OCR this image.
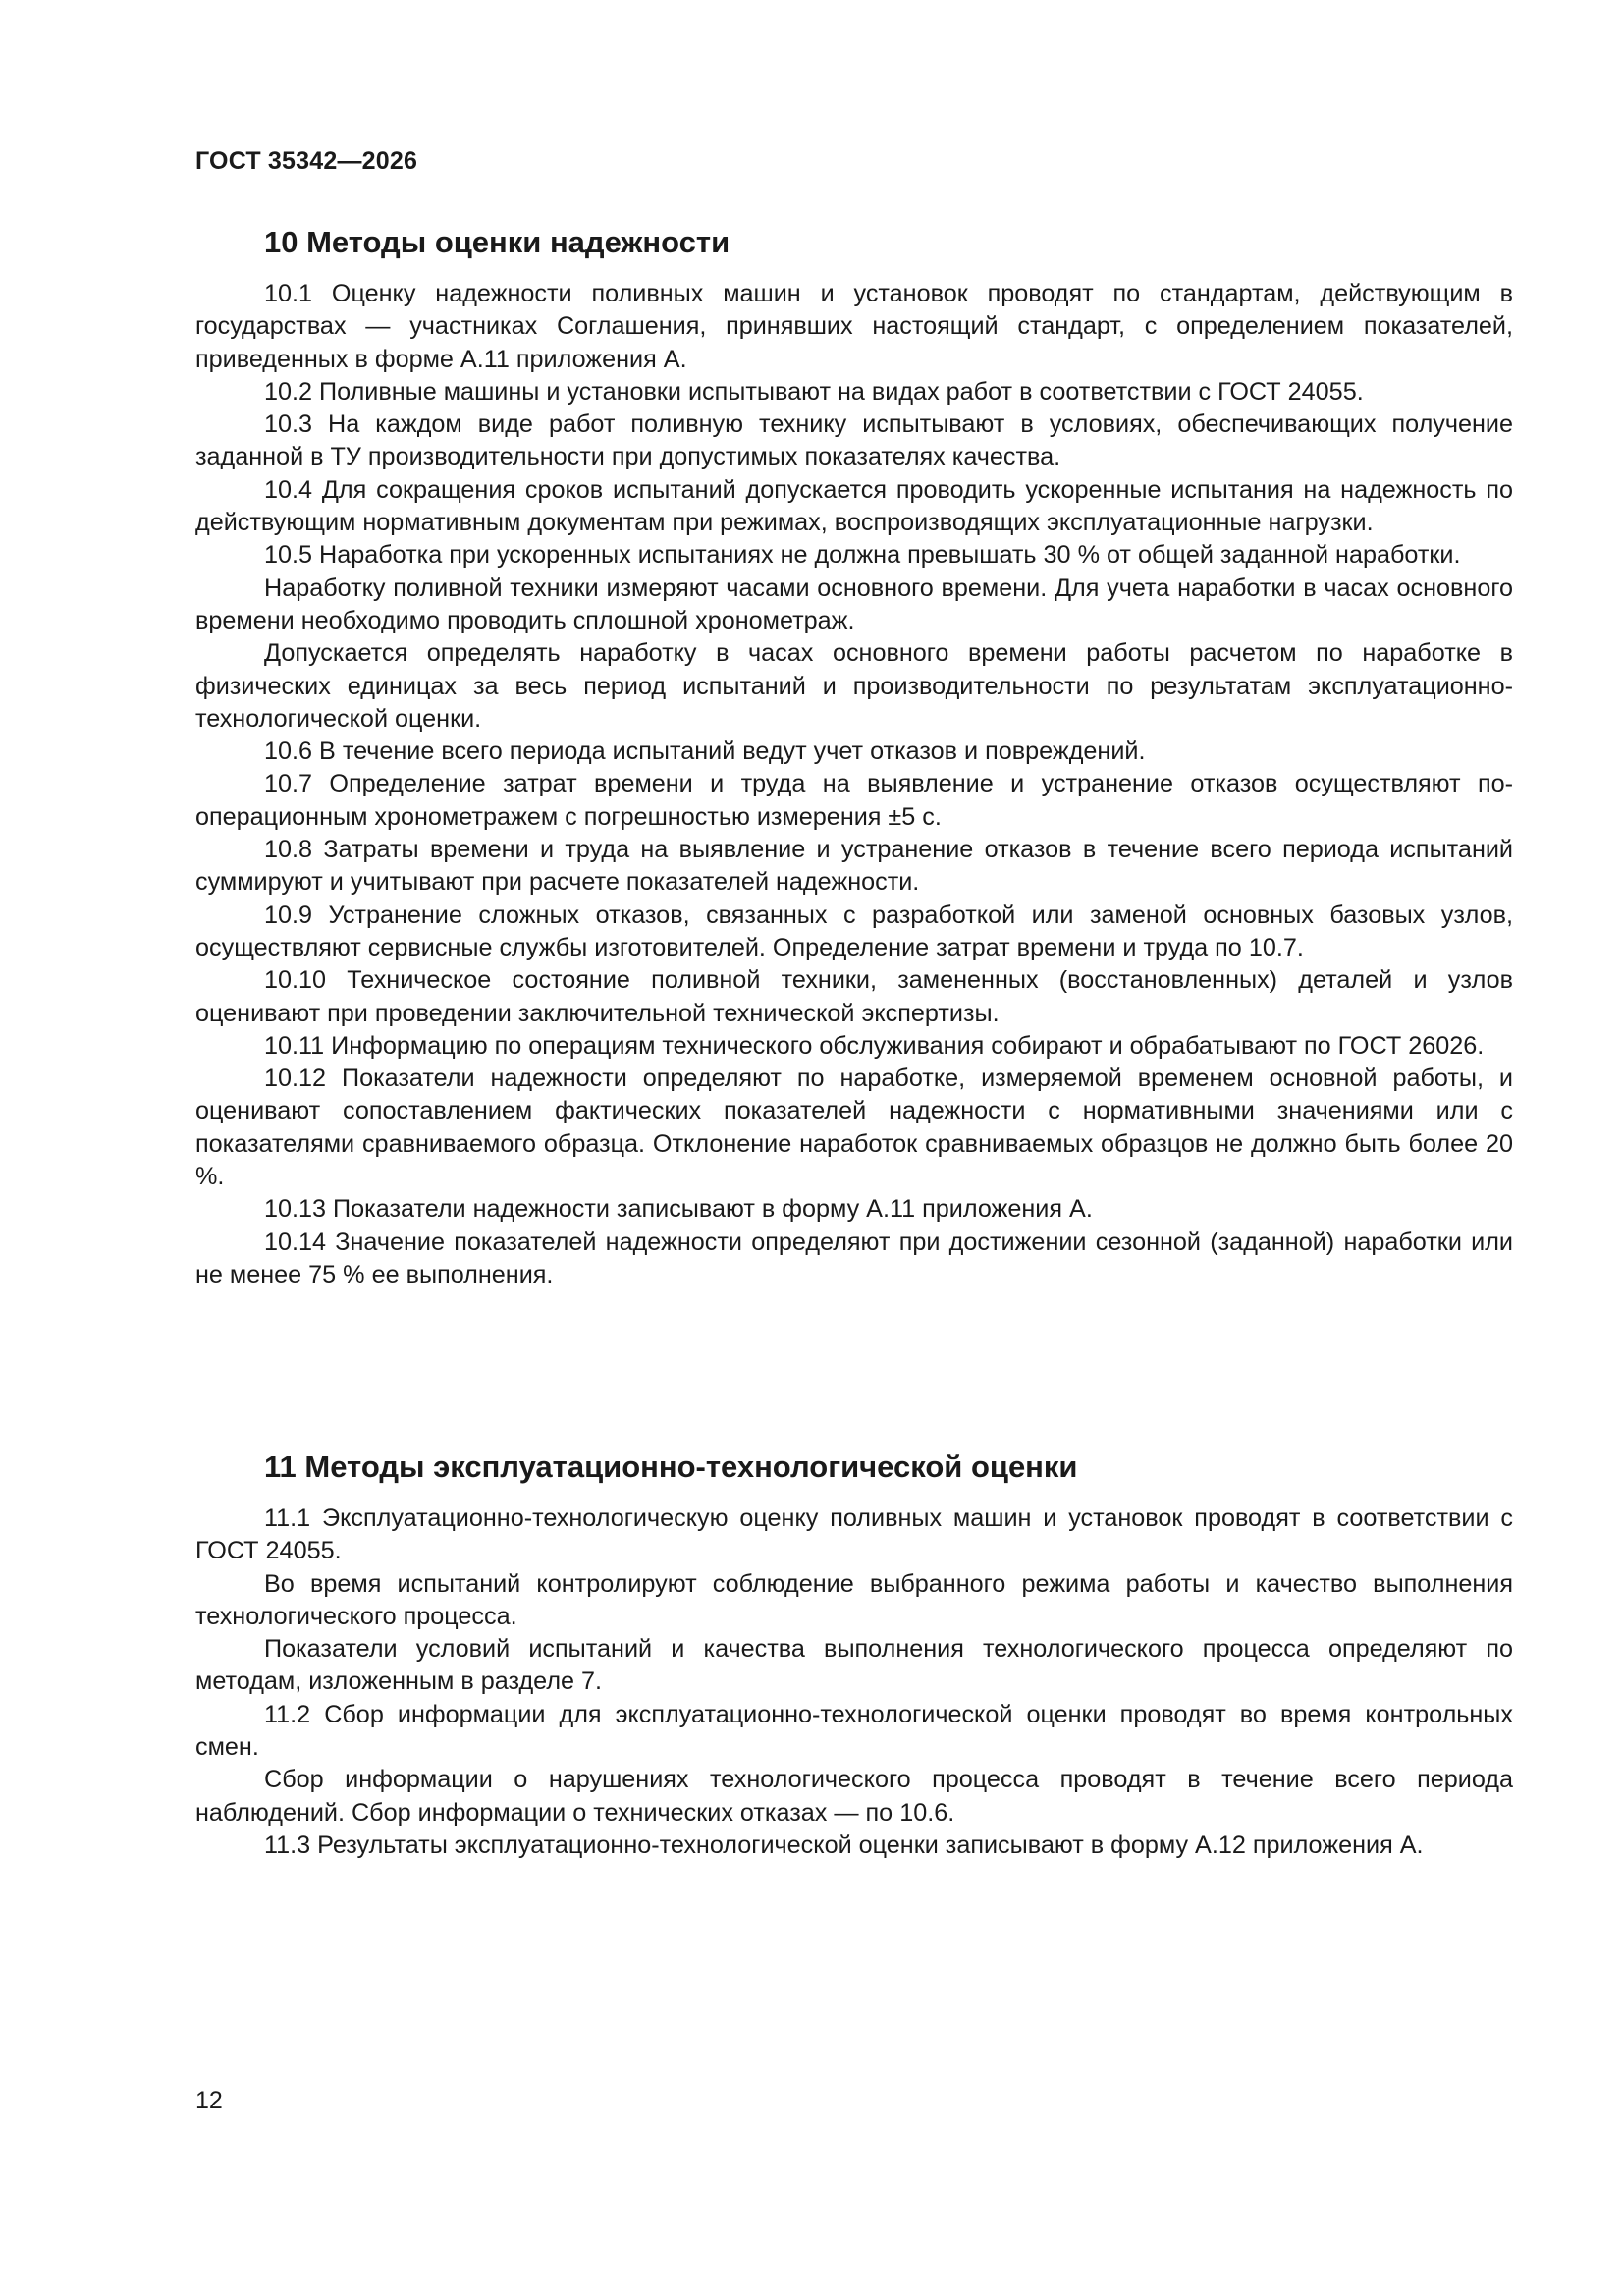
ГОСТ 35342—2026
10 Методы оценки надежности

10.1 Оценку надежности поливных машин и установок проводят по стандартам, действующим в государствах — участниках Соглашения, принявших настоящий стандарт, с определением показателей, приведенных в форме А.11 приложения А.

10.2 Поливные машины и установки испытывают на видах работ в соответствии с ГОСТ 24055.

10.3 На каждом виде работ поливную технику испытывают в условиях, обеспечивающих получение заданной в ТУ производительности при допустимых показателях качества.

10.4 Для сокращения сроков испытаний допускается проводить ускоренные испытания на надежность по действующим нормативным документам при режимах, воспроизводящих эксплуатационные нагрузки.

10.5 Наработка при ускоренных испытаниях не должна превышать 30 % от общей заданной наработки.

Наработку поливной техники измеряют часами основного времени. Для учета наработки в часах основного времени необходимо проводить сплошной хронометраж.

Допускается определять наработку в часах основного времени работы расчетом по наработке в физических единицах за весь период испытаний и производительности по результатам эксплуатационно-технологической оценки.

10.6 В течение всего периода испытаний ведут учет отказов и повреждений.

10.7 Определение затрат времени и труда на выявление и устранение отказов осуществляют пооперационным хронометражем с погрешностью измерения ±5 с.

10.8 Затраты времени и труда на выявление и устранение отказов в течение всего периода испытаний суммируют и учитывают при расчете показателей надежности.

10.9 Устранение сложных отказов, связанных с разработкой или заменой основных базовых узлов, осуществляют сервисные службы изготовителей. Определение затрат времени и труда по 10.7.

10.10 Техническое состояние поливной техники, замененных (восстановленных) деталей и узлов оценивают при проведении заключительной технической экспертизы.

10.11 Информацию по операциям технического обслуживания собирают и обрабатывают по ГОСТ 26026.

10.12 Показатели надежности определяют по наработке, измеряемой временем основной работы, и оценивают сопоставлением фактических показателей надежности с нормативными значениями или с показателями сравниваемого образца. Отклонение наработок сравниваемых образцов не должно быть более 20 %.

10.13 Показатели надежности записывают в форму А.11 приложения А.

10.14 Значение показателей надежности определяют при достижении сезонной (заданной) наработки или не менее 75 % ее выполнения.

11 Методы эксплуатационно-технологической оценки

11.1 Эксплуатационно-технологическую оценку поливных машин и установок проводят в соответствии с ГОСТ 24055.

Во время испытаний контролируют соблюдение выбранного режима работы и качество выполнения технологического процесса.

Показатели условий испытаний и качества выполнения технологического процесса определяют по методам, изложенным в разделе 7.

11.2 Сбор информации для эксплуатационно-технологической оценки проводят во время контрольных смен.

Сбор информации о нарушениях технологического процесса проводят в течение всего периода наблюдений. Сбор информации о технических отказах — по 10.6.

11.3 Результаты эксплуатационно-технологической оценки записывают в форму А.12 приложения А.

12
